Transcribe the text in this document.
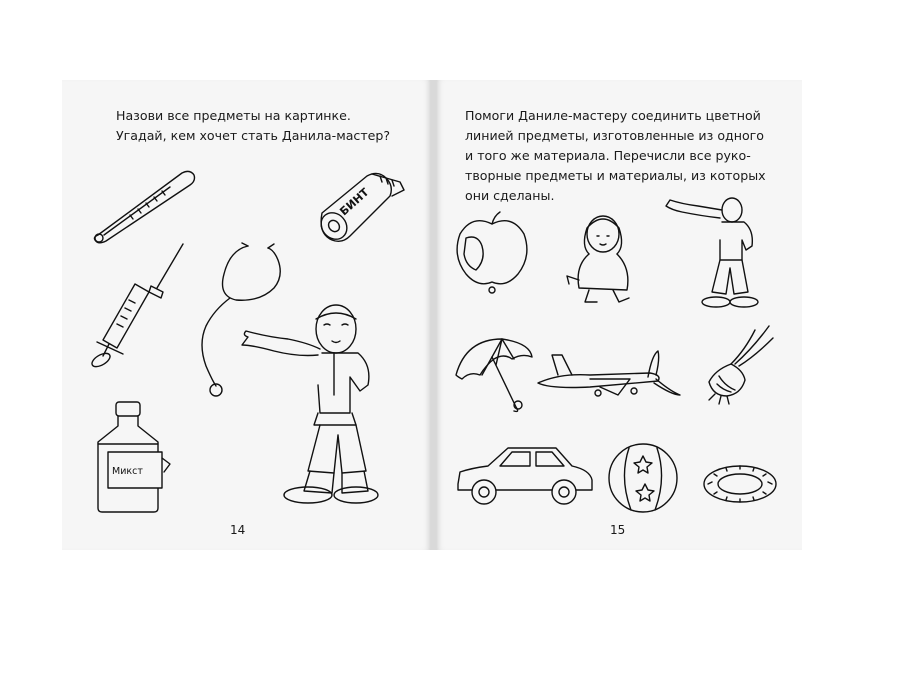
Назови все предметы на картинке.
Угадай, кем хочет стать Данила-мастер?
14
Помоги Даниле-мастеру соединить цветной
линией предметы, изготовленные из одного
и того же материала. Перечисли все руко-
творные предметы и материалы, из которых
они сделаны.
15
БИНТ
Микст
